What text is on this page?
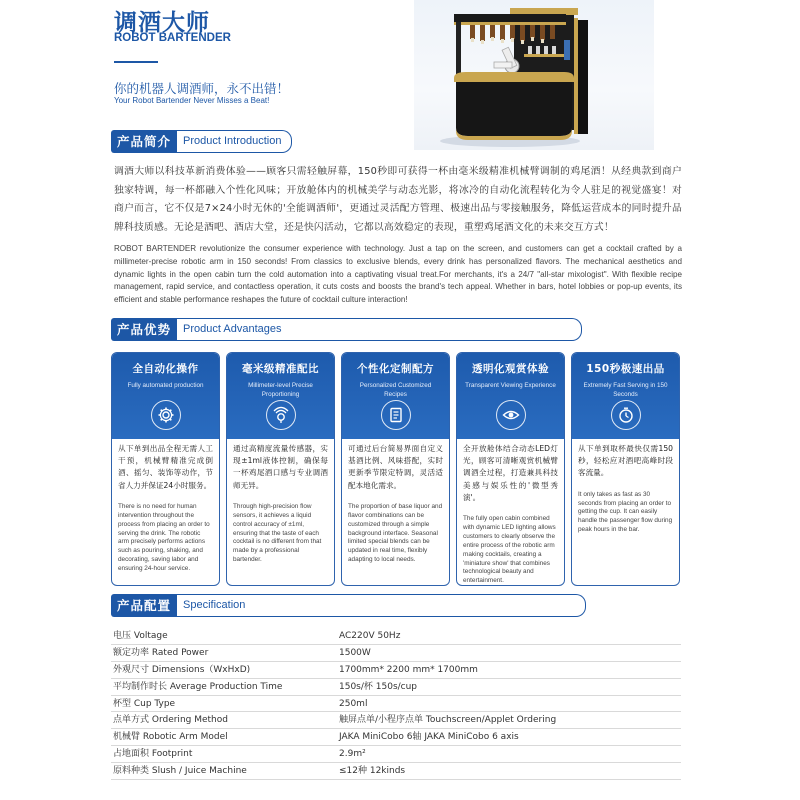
调酒大师
ROBOT BARTENDER
你的机器人调酒师，永不出错！
Your Robot Bartender Never Misses a Beat!
产品简介	Product Introduction
调酒大师以科技革新消费体验——顾客只需轻触屏幕，150秒即可获得一杯由毫米级精准机械臂调制的鸡尾酒！从经典款到商户独家特调，每一杯都融入个性化风味；开放舱体内的机械美学与动态光影，将冰冷的自动化流程转化为令人驻足的视觉盛宴！对商户而言，它不仅是7×24小时无休的'全能调酒师'，更通过灵活配方管理、极速出品与零接触服务，降低运营成本的同时提升品牌科技质感。无论是酒吧、酒店大堂，还是快闪活动，它都以高效稳定的表现，重塑鸡尾酒文化的未来交互方式！
ROBOT BARTENDER revolutionize the consumer experience with technology. Just a tap on the screen, and customers can get a cocktail crafted by a millimeter-precise robotic arm in 150 seconds! From classics to exclusive blends, every drink has personalized flavors. The mechanical aesthetics and dynamic lights in the open cabin turn the cold automation into a captivating visual treat.For merchants, it's a 24/7 "all-star mixologist". With flexible recipe management, rapid service, and contactless operation, it cuts costs and boosts the brand's tech appeal. Whether in bars, hotel lobbies or pop-up events, its efficient and stable performance reshapes the future of cocktail culture interaction!
产品优势	Product Advantages
全自动化操作
Fully automated production
从下单到出品全程无需人工干预，机械臂精准完成倒酒、摇匀、装饰等动作，节省人力并保证24小时服务。
There is no need for human intervention throughout the process from placing an order to serving the drink. The robotic arm precisely performs actions such as pouring, shaking, and decorating, saving labor and ensuring 24-hour service.
毫米级精准配比
Millimeter-level Precise Proportioning
通过高精度流量传感器，实现±1ml液体控制，确保每一杯鸡尾酒口感与专业调酒师无异。
Through high-precision flow sensors, it achieves a liquid control accuracy of ±1ml, ensuring that the taste of each cocktail is no different from that made by a professional bartender.
个性化定制配方
Personalized Customized Recipes
可通过后台简易界面自定义基酒比例、风味搭配，实时更新季节限定特调，灵活适配本地化需求。
The proportion of base liquor and flavor combinations can be customized through a simple background interface. Seasonal limited special blends can be updated in real time, flexibly adapting to local needs.
透明化观赏体验
Transparent Viewing Experience
全开放舱体结合动态LED灯光，顾客可清晰观赏机械臂调酒全过程，打造兼具科技美感与娱乐性的'微型秀演'。
The fully open cabin combined with dynamic LED lighting allows customers to clearly observe the entire process of the robotic arm making cocktails, creating a 'miniature show' that combines technological beauty and entertainment.
150秒极速出品
Extremely Fast Serving in 150 Seconds
从下单到取杯最快仅需150秒，轻松应对酒吧高峰时段客流量。
It only takes as fast as 30 seconds from placing an order to getting the cup. It can easily handle the passenger flow during peak hours in the bar.
产品配置	Specification
电压 Voltage	AC220V 50Hz
额定功率 Rated Power	1500W
外观尺寸 Dimensions（WxHxD)	1700mm* 2200 mm* 1700mm
平均制作时长 Average Production Time	150s/杯 150s/cup
杯型 Cup Type	250ml
点单方式 Ordering Method	触屏点单/小程序点单 Touchscreen/Applet Ordering
机械臂 Robotic Arm Model	JAKA MiniCobo 6轴 JAKA MiniCobo 6 axis
占地面积 Footprint	2.9m²
原料种类 Slush / Juice Machine	≤12种 12kinds
